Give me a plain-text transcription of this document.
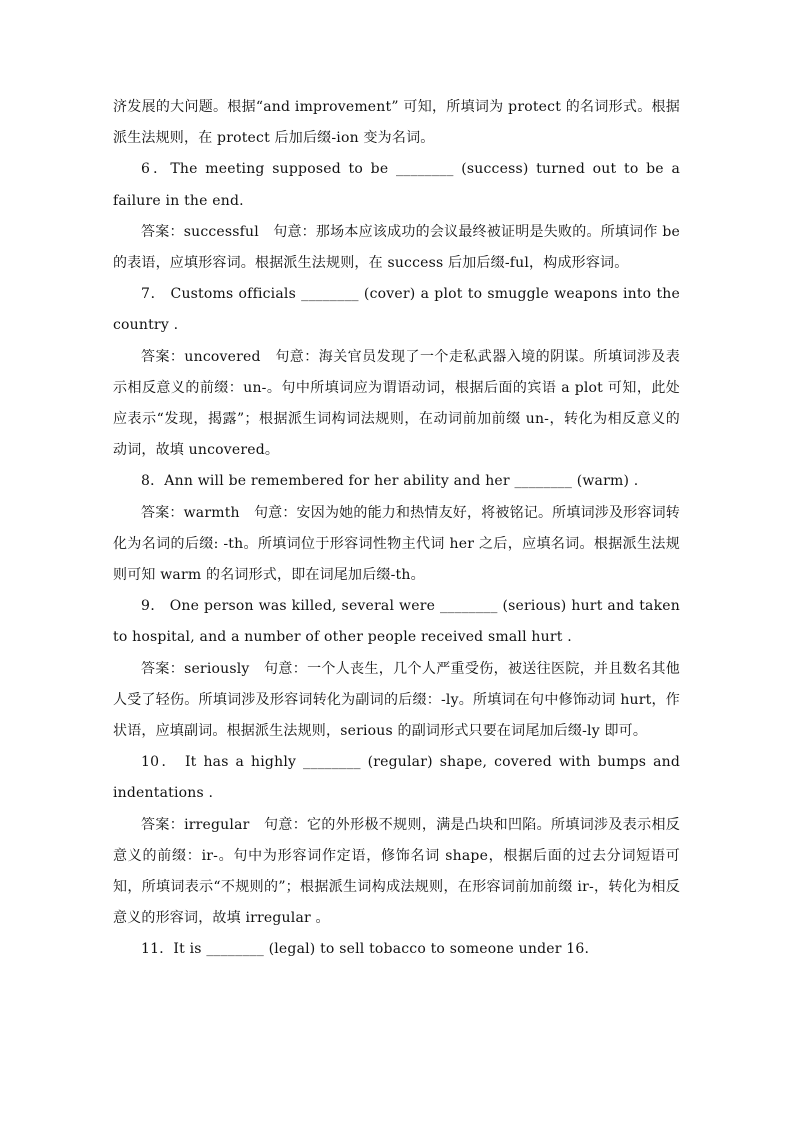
济发展的大问题。根据“and improvement” 可知，所填词为 protect 的名词形式。根据派生法规则，在 protect 后加后缀-ion 变为名词。

6．The meeting supposed to be ________ (success) turned out to be a failure in the end.

答案：successful　句意：那场本应该成功的会议最终被证明是失败的。所填词作 be 的表语，应填形容词。根据派生法规则，在 success 后加后缀-ful，构成形容词。

7． Customs officials ________ (cover) a plot to smuggle weapons into the country .

答案：uncovered　句意：海关官员发现了一个走私武器入境的阴谋。所填词涉及表示相反意义的前缀：un-。句中所填词应为谓语动词，根据后面的宾语 a plot 可知，此处应表示“发现，揭露”；根据派生词构词法规则，在动词前加前缀 un-，转化为相反意义的动词，故填 uncovered。

8．Ann will be remembered for her ability and her ________ (warm) .

答案：warmth　句意：安因为她的能力和热情友好，将被铭记。所填词涉及形容词转化为名词的后缀: -th。所填词位于形容词性物主代词 her 之后，应填名词。根据派生法规则可知 warm 的名词形式，即在词尾加后缀-th。

9． One person was killed, several were ________ (serious) hurt and taken to hospital, and a number of other people received small hurt .

答案：seriously　句意：一个人丧生，几个人严重受伤，被送往医院，并且数名其他人受了轻伤。所填词涉及形容词转化为副词的后缀：-ly。所填词在句中修饰动词 hurt，作状语，应填副词。根据派生法规则，serious 的副词形式只要在词尾加后缀-ly 即可。

10． It has a highly ________ (regular) shape, covered with bumps and indentations .

答案：irregular　句意：它的外形极不规则，满是凸块和凹陷。所填词涉及表示相反意义的前缀：ir-。句中为形容词作定语，修饰名词 shape，根据后面的过去分词短语可知，所填词表示“不规则的”；根据派生词构成法规则，在形容词前加前缀 ir-，转化为相反意义的形容词，故填 irregular 。

11．It is ________ (legal) to sell tobacco to someone under 16.
